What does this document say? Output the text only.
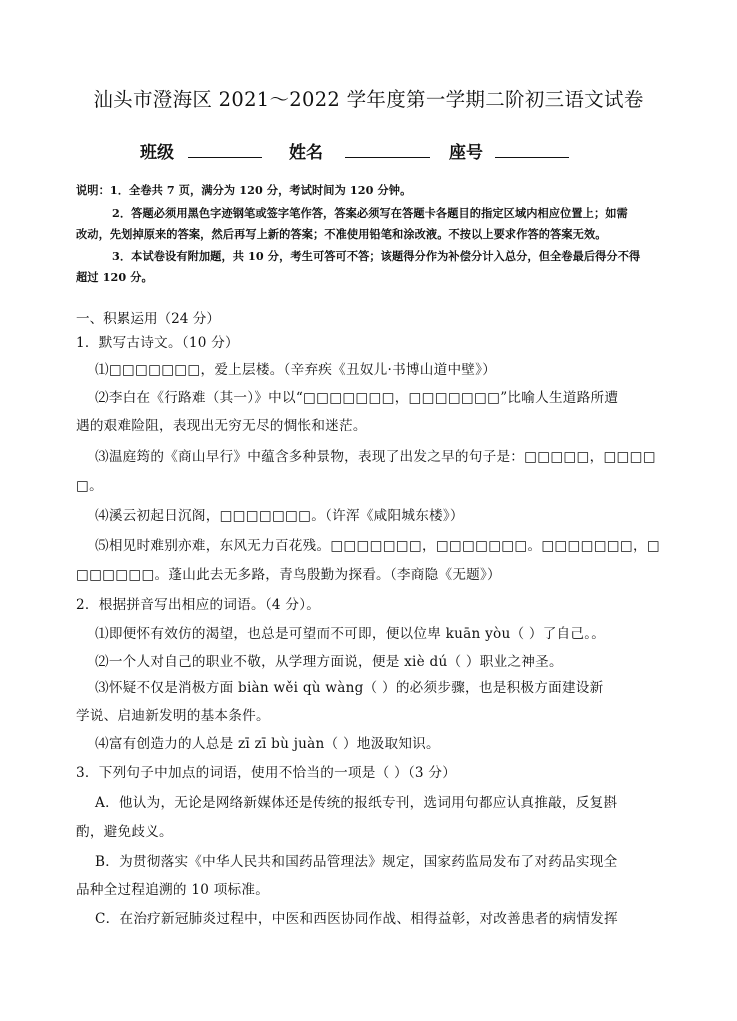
汕头市澄海区 2021～2022 学年度第一学期二阶初三语文试卷
班级	姓名	座号
说明：1．全卷共 7 页，满分为 120 分，考试时间为 120 分钟。
2．答题必须用黑色字迹钢笔或签字笔作答，答案必须写在答题卡各题目的指定区域内相应位置上；如需
改动，先划掉原来的答案，然后再写上新的答案；不准使用铅笔和涂改液。不按以上要求作答的答案无效。
3．本试卷设有附加题，共 10 分，考生可答可不答；该题得分作为补偿分计入总分，但全卷最后得分不得
超过 120 分。
一、积累运用（24 分）
1．默写古诗文。（10 分）
⑴□□□□□□□，爱上层楼。（辛弃疾《丑奴儿·书博山道中壁》）
⑵李白在《行路难（其一）》中以“□□□□□□□，□□□□□□□”比喻人生道路所遭
遇的艰难险阻，表现出无穷无尽的惆怅和迷茫。
⑶温庭筠的《商山早行》中蕴含多种景物，表现了出发之早的句子是：□□□□□，□□□□
□。
⑷溪云初起日沉阁，□□□□□□□。（许浑《咸阳城东楼》）
⑸相见时难别亦难，东风无力百花残。□□□□□□□，□□□□□□□。□□□□□□□，□
□□□□□□。蓬山此去无多路，青鸟殷勤为探看。（李商隐《无题》）
2．根据拼音写出相应的词语。（4 分）。
⑴即便怀有效仿的渴望，也总是可望而不可即，便以位卑 kuān yòu（ ）了自己。。
⑵一个人对自己的职业不敬，从学理方面说，便是 xiè dú（ ）职业之神圣。
⑶怀疑不仅是消极方面 biàn wěi qù wàng（ ）的必须步骤，也是积极方面建设新
学说、启迪新发明的基本条件。
⑷富有创造力的人总是 zī zī bù juàn（ ）地汲取知识。
3．下列句子中加点的词语，使用不恰当的一项是（ ）（3 分）
A．他认为，无论是网络新媒体还是传统的报纸专刊，选词用句都应认真推敲，反复斟
酌，避免歧义。
B．为贯彻落实《中华人民共和国药品管理法》规定，国家药监局发布了对药品实现全
品种全过程追溯的 10 项标准。
C．在治疗新冠肺炎过程中，中医和西医协同作战、相得益彰，对改善患者的病情发挥
